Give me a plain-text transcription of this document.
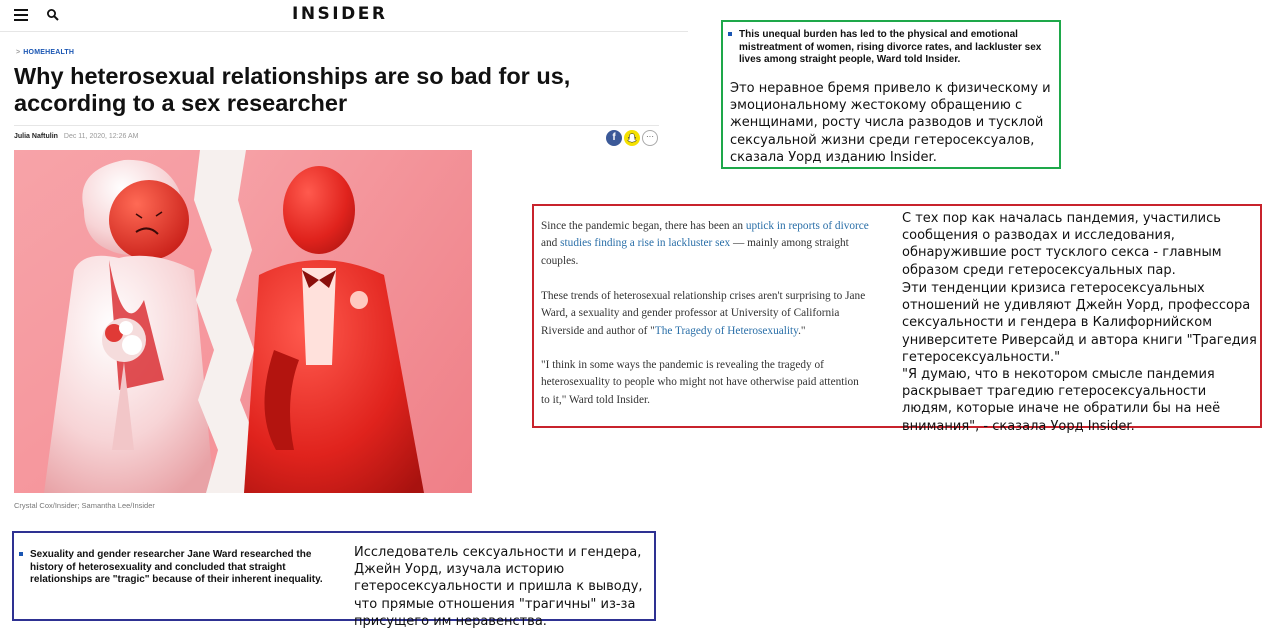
INSIDER
> HOMEHEALTH
Why heterosexual relationships are so bad for us, according to a sex researcher
Julia Naftulin Dec 11, 2020, 12:26 AM	f	···
Crystal Cox/Insider; Samantha Lee/Insider
This unequal burden has led to the physical and emotional mistreatment of women, rising divorce rates, and lackluster sex lives among straight people, Ward told Insider.
Это неравное бремя привело к физическому и эмоциональному жестокому обращению с женщинами, росту числа разводов и тусклой сексуальной жизни среди гетеросексуалов, сказала Уорд изданию Insider.
Since the pandemic began, there has been an uptick in reports of divorce and studies finding a rise in lackluster sex — mainly among straight couples.
These trends of heterosexual relationship crises aren't surprising to Jane Ward, a sexuality and gender professor at University of California Riverside and author of "The Tragedy of Heterosexuality."
"I think in some ways the pandemic is revealing the tragedy of heterosexuality to people who might not have otherwise paid attention to it," Ward told Insider.
С тех пор как началась пандемия, участились сообщения о разводах и исследования, обнаружившие рост тусклого секса - главным образом среди гетеросексуальных пар.
Эти тенденции кризиса гетеросексуальных отношений не удивляют Джейн Уорд, профессора сексуальности и гендера в Калифорнийском университете Риверсайд и автора книги "Трагедия гетеросексуальности."
"Я думаю, что в некотором смысле пандемия раскрывает трагедию гетеросексуальности людям, которые иначе не обратили бы на неё внимания", - сказала Уорд Insider.
Sexuality and gender researcher Jane Ward researched the history of heterosexuality and concluded that straight relationships are "tragic" because of their inherent inequality.
Исследователь сексуальности и гендера, Джейн Уорд, изучала историю гетеросексуальности и пришла к выводу, что прямые отношения "трагичны" из-за присущего им неравенства.
